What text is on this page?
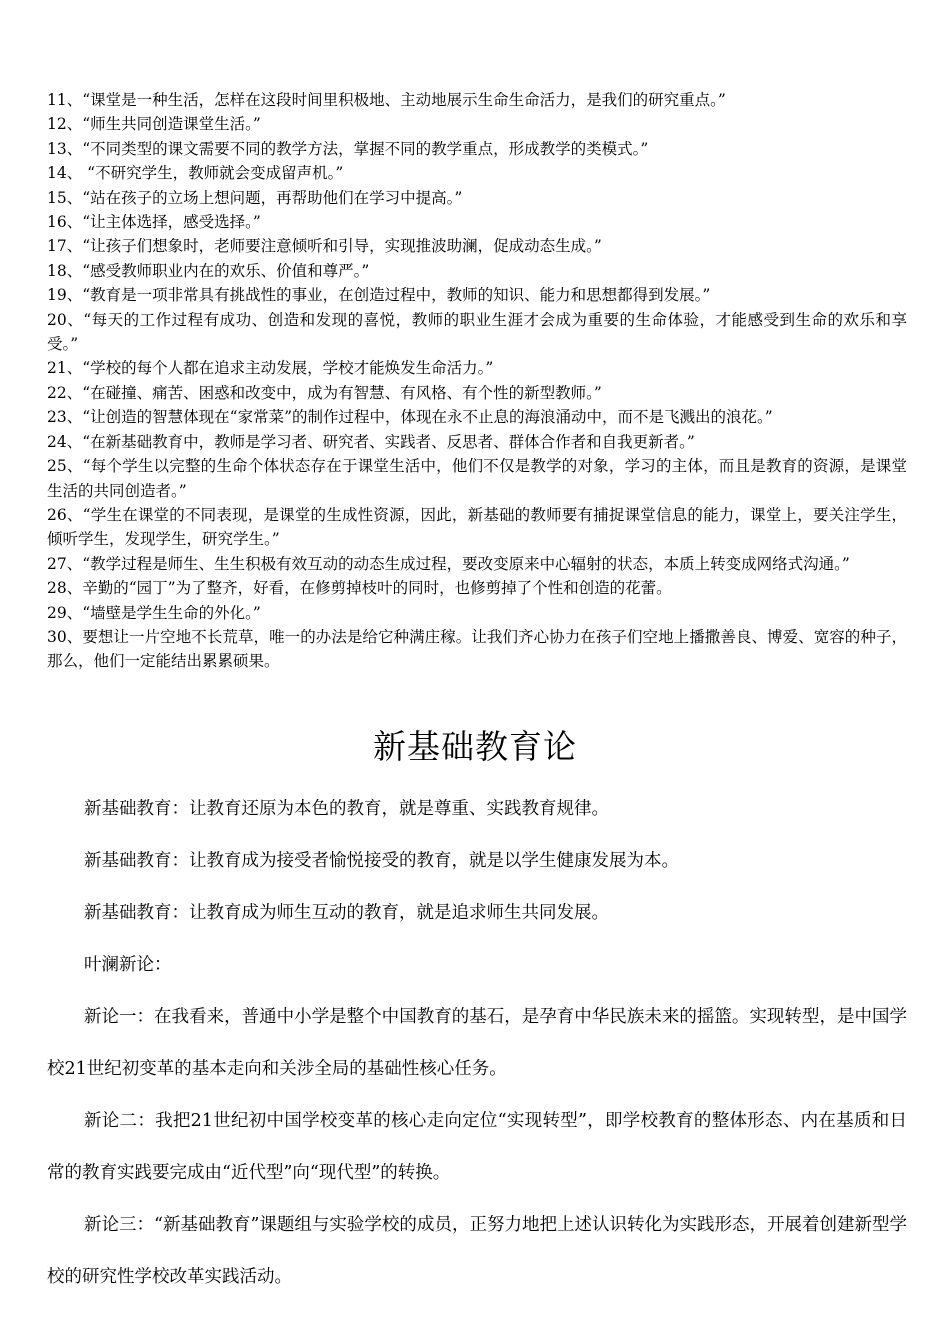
11、“课堂是一种生活，怎样在这段时间里积极地、主动地展示生命生命活力，是我们的研究重点。”

12、“师生共同创造课堂生活。”

13、“不同类型的课文需要不同的教学方法，掌握不同的教学重点，形成教学的类模式。”

14、 “不研究学生，教师就会变成留声机。”

15、“站在孩子的立场上想问题，再帮助他们在学习中提高。”

16、“让主体选择，感受选择。”

17、“让孩子们想象时，老师要注意倾听和引导，实现推波助澜，促成动态生成。”

18、“感受教师职业内在的欢乐、价值和尊严。”

19、“教育是一项非常具有挑战性的事业，在创造过程中，教师的知识、能力和思想都得到发展。”

20、“每天的工作过程有成功、创造和发现的喜悦，教师的职业生涯才会成为重要的生命体验，才能感受到生命的欢乐和享受。”

21、“学校的每个人都在追求主动发展，学校才能焕发生命活力。”

22、“在碰撞、痛苦、困惑和改变中，成为有智慧、有风格、有个性的新型教师。”

23、“让创造的智慧体现在“家常菜”的制作过程中，体现在永不止息的海浪涌动中，而不是飞溅出的浪花。”

24、“在新基础教育中，教师是学习者、研究者、实践者、反思者、群体合作者和自我更新者。”

25、“每个学生以完整的生命个体状态存在于课堂生活中，他们不仅是教学的对象，学习的主体，而且是教育的资源，是课堂生活的共同创造者。”

26、“学生在课堂的不同表现，是课堂的生成性资源，因此，新基础的教师要有捕捉课堂信息的能力，课堂上，要关注学生，倾听学生，发现学生，研究学生。”

27、“教学过程是师生、生生积极有效互动的动态生成过程，要改变原来中心辐射的状态，本质上转变成网络式沟通。”

28、辛勤的“园丁”为了整齐，好看，在修剪掉枝叶的同时，也修剪掉了个性和创造的花蕾。

29、“墙壁是学生生命的外化。”

30、要想让一片空地不长荒草，唯一的办法是给它种满庄稼。让我们齐心协力在孩子们空地上播撒善良、博爱、宽容的种子，那么，他们一定能结出累累硕果。

新基础教育论

新基础教育：让教育还原为本色的教育，就是尊重、实践教育规律。

新基础教育：让教育成为接受者愉悦接受的教育，就是以学生健康发展为本。

新基础教育：让教育成为师生互动的教育，就是追求师生共同发展。

叶澜新论：

新论一：在我看来，普通中小学是整个中国教育的基石，是孕育中华民族未来的摇篮。实现转型，是中国学校21世纪初变革的基本走向和关涉全局的基础性核心任务。

新论二：我把21世纪初中国学校变革的核心走向定位“实现转型”，即学校教育的整体形态、内在基质和日常的教育实践要完成由“近代型”向“现代型”的转换。

新论三：“新基础教育”课题组与实验学校的成员，正努力地把上述认识转化为实践形态，开展着创建新型学校的研究性学校改革实践活动。
